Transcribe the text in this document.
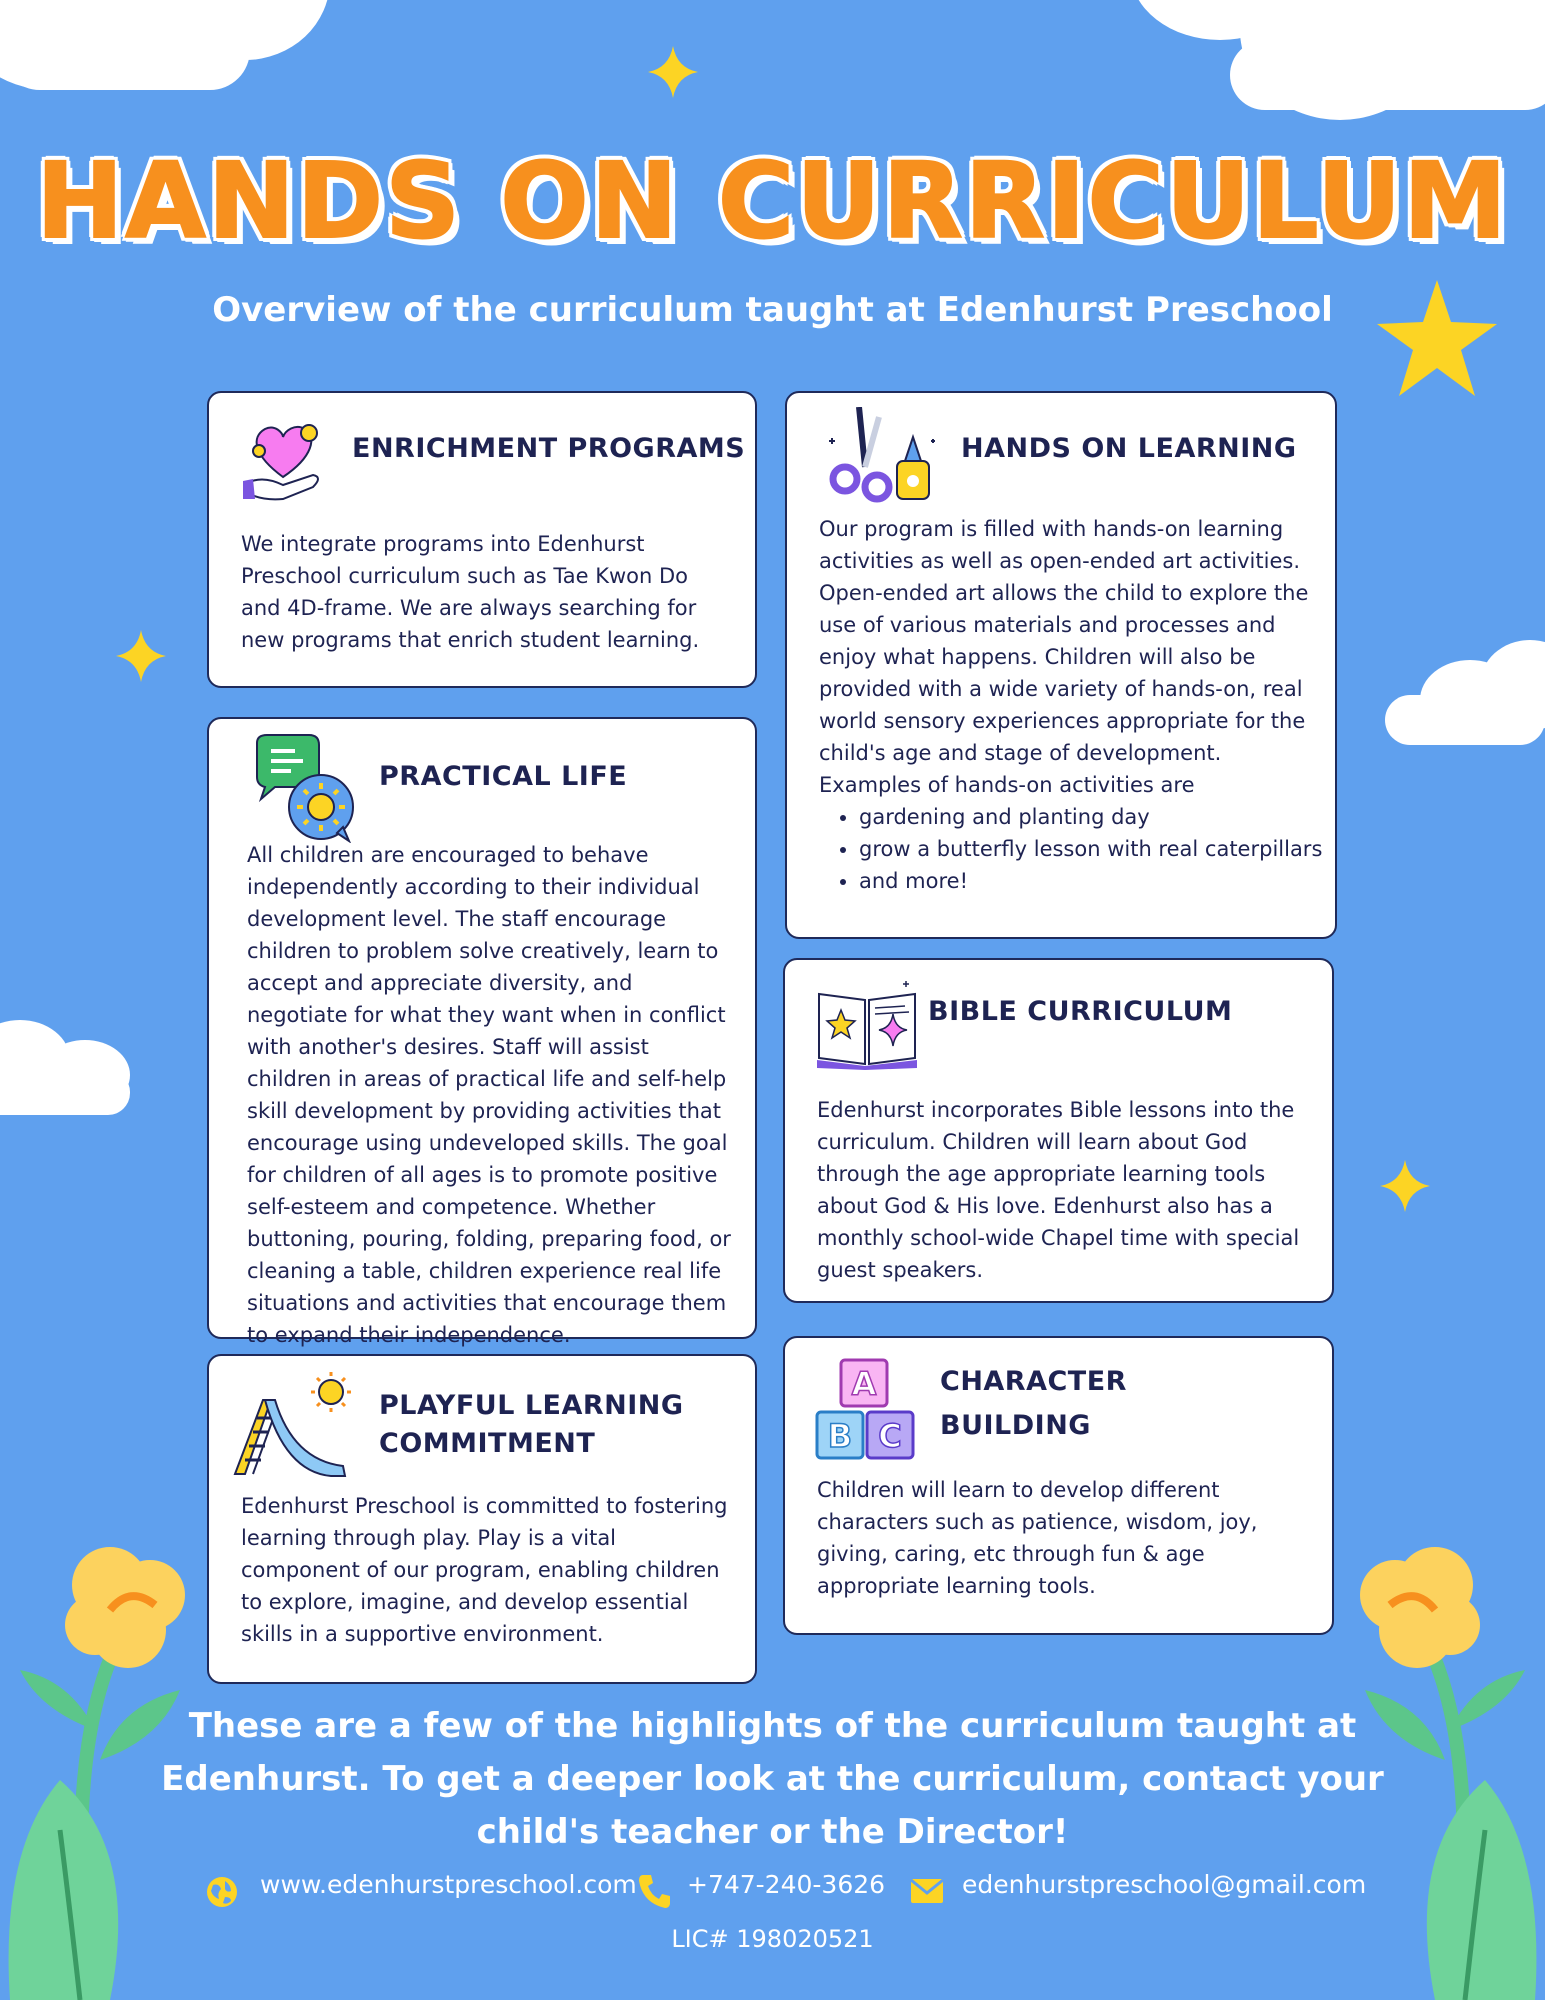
HANDS ON CURRICULUM
Overview of the curriculum taught at Edenhurst Preschool
ENRICHMENT PROGRAMS

We integrate programs into Edenhurst Preschool curriculum such as Tae Kwon Do and 4D-frame. We are always searching for new programs that enrich student learning.

HANDS ON LEARNING

Our program is filled with hands-on learning activities as well as open-ended art activities. Open-ended art allows the child to explore the use of various materials and processes and enjoy what happens. Children will also be provided with a wide variety of hands-on, real world sensory experiences appropriate for the child's age and stage of development.

Examples of hands-on activities are

• gardening and planting day
• grow a butterfly lesson with real caterpillars
• and more!
PRACTICAL LIFE

All children are encouraged to behave independently according to their individual development level. The staff encourage children to problem solve creatively, learn to accept and appreciate diversity, and negotiate for what they want when in conflict with another's desires. Staff will assist children in areas of practical life and self-help skill development by providing activities that encourage using undeveloped skills. The goal for children of all ages is to promote positive self-esteem and competence. Whether buttoning, pouring, folding, preparing food, or cleaning a table, children experience real life situations and activities that encourage them to expand their independence.

BIBLE CURRICULUM

Edenhurst incorporates Bible lessons into the curriculum. Children will learn about God through the age appropriate learning tools about God & His love. Edenhurst also has a monthly school-wide Chapel time with special guest speakers.

PLAYFUL LEARNING
COMMITMENT

Edenhurst Preschool is committed to fostering learning through play. Play is a vital component of our program, enabling children to explore, imagine, and develop essential skills in a supportive environment.

A
B C
CHARACTER
BUILDING

Children will learn to develop different characters such as patience, wisdom, joy, giving, caring, etc through fun & age appropriate learning tools.

These are a few of the highlights of the curriculum taught at Edenhurst. To get a deeper look at the curriculum, contact your child's teacher or the Director!
www.edenhurstpreschool.com +747-240-3626	edenhurstpreschool@gmail.com
LIC# 198020521
